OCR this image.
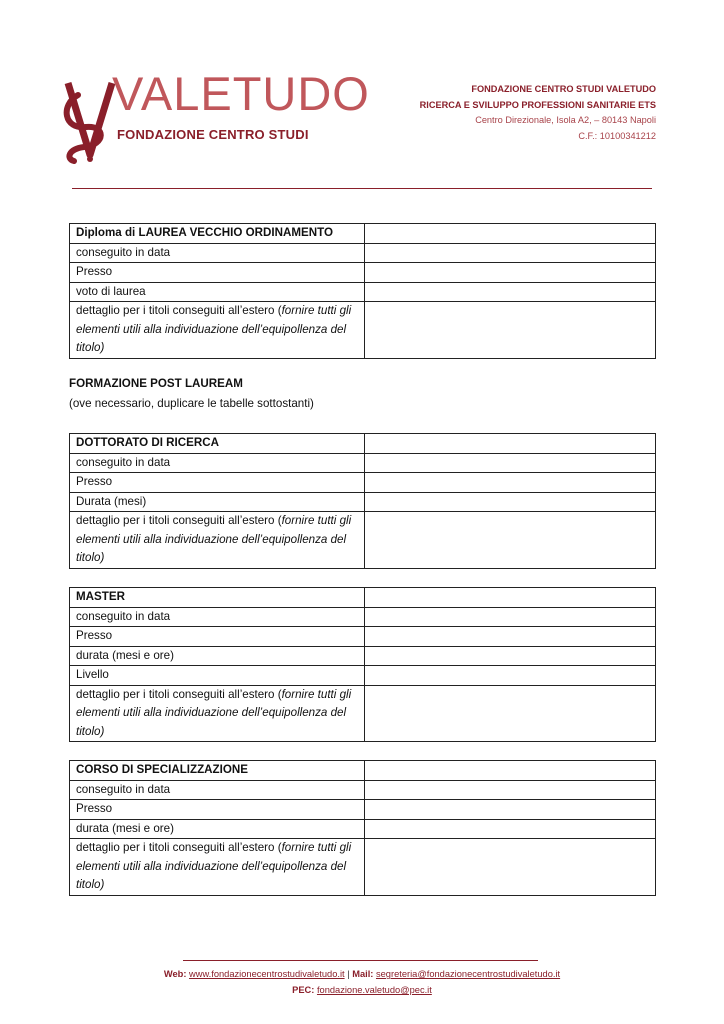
VALETUDO
FONDAZIONE CENTRO STUDI
FONDAZIONE CENTRO STUDI VALETUDO
RICERCA E SVILUPPO PROFESSIONI SANITARIE ETS
Centro Direzionale, Isola A2, – 80143 Napoli
C.F.: 10100341212
Diploma di LAUREA VECCHIO ORDINAMENTO	
conseguito in data	
Presso	
voto di laurea	
dettaglio per i titoli conseguiti all’estero (fornire tutti gli elementi utili alla individuazione dell’equipollenza del titolo)	
FORMAZIONE POST LAUREAM
(ove necessario, duplicare le tabelle sottostanti)
DOTTORATO DI RICERCA	
conseguito in data	
Presso	
Durata (mesi)	
dettaglio per i titoli conseguiti all’estero (fornire tutti gli elementi utili alla individuazione dell’equipollenza del titolo)	
MASTER	
conseguito in data	
Presso	
durata (mesi e ore)	
Livello	
dettaglio per i titoli conseguiti all’estero (fornire tutti gli elementi utili alla individuazione dell’equipollenza del titolo)	
CORSO DI SPECIALIZZAZIONE	
conseguito in data	
Presso	
durata (mesi e ore)	
dettaglio per i titoli conseguiti all’estero (fornire tutti gli elementi utili alla individuazione dell’equipollenza del titolo)	
Web: www.fondazionecentrostudivaletudo.it | Mail: segreteria@fondazionecentrostudivaletudo.it
PEC: fondazione.valetudo@pec.it
